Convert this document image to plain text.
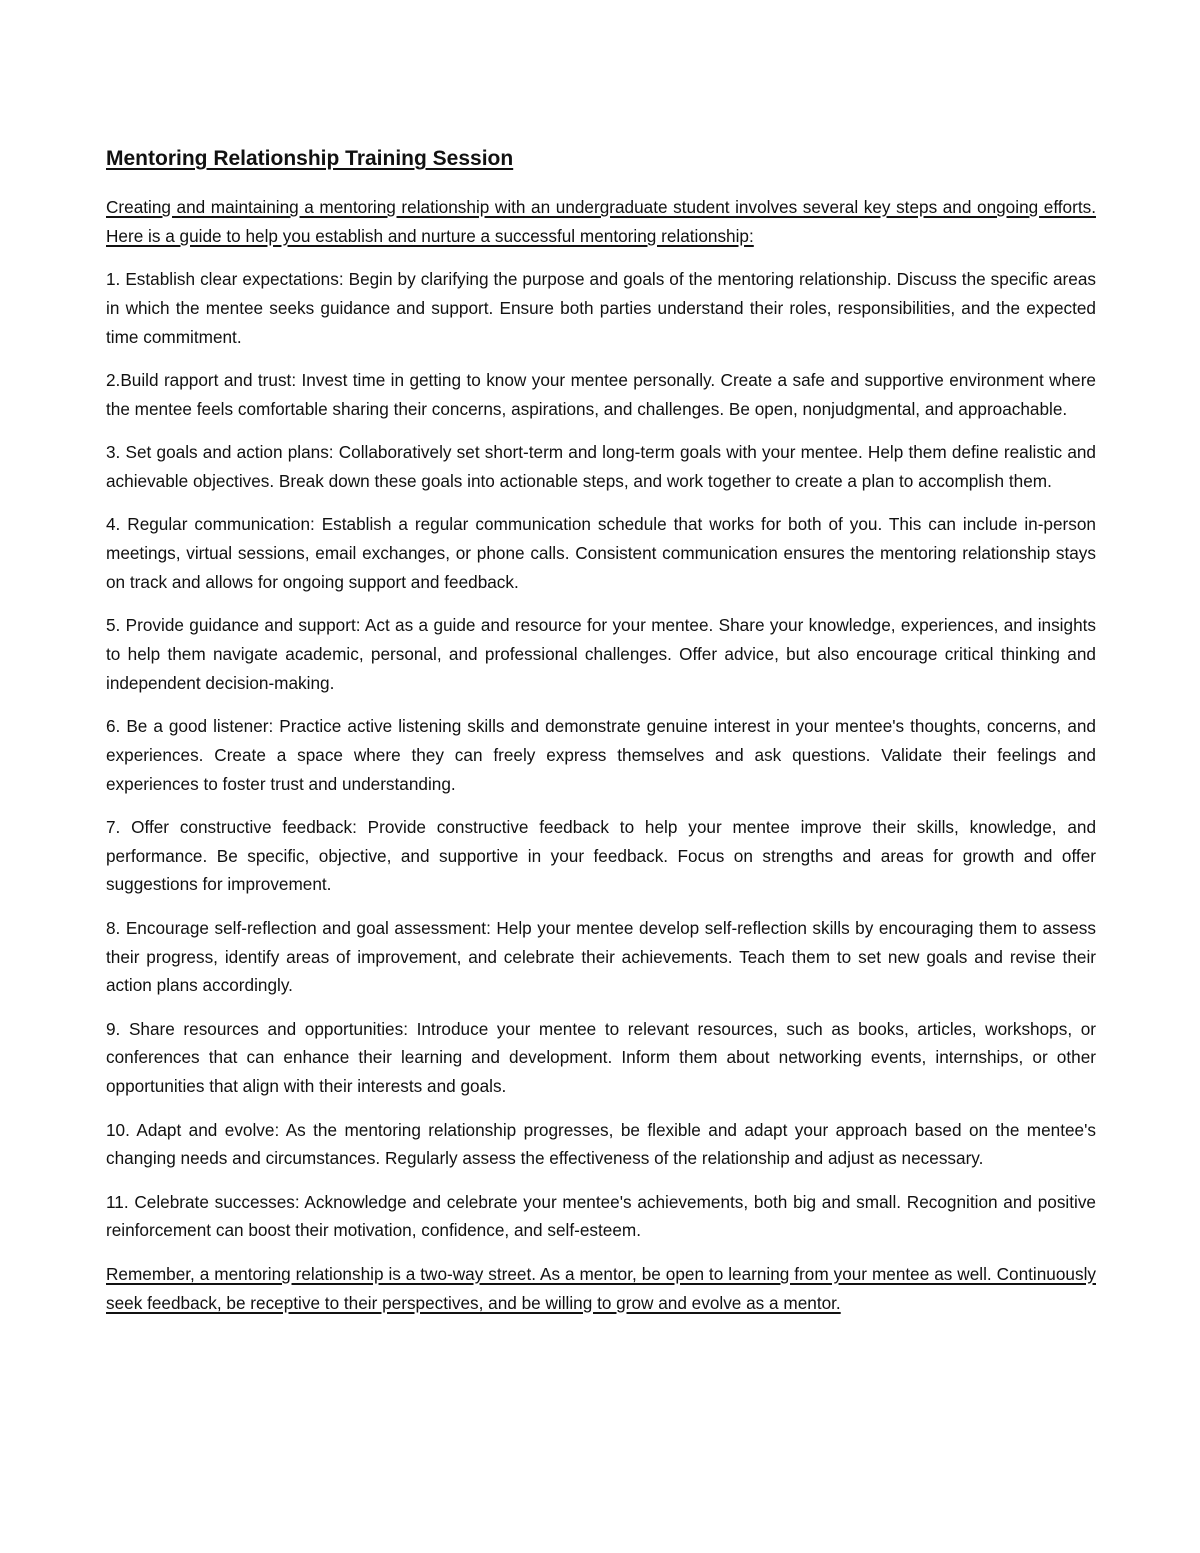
Mentoring Relationship Training Session

Creating and maintaining a mentoring relationship with an undergraduate student involves several key steps and ongoing efforts. Here is a guide to help you establish and nurture a successful mentoring relationship:

1. Establish clear expectations: Begin by clarifying the purpose and goals of the mentoring relationship. Discuss the specific areas in which the mentee seeks guidance and support. Ensure both parties understand their roles, responsibilities, and the expected time commitment.

2.Build rapport and trust: Invest time in getting to know your mentee personally. Create a safe and supportive environment where the mentee feels comfortable sharing their concerns, aspirations, and challenges. Be open, nonjudgmental, and approachable.

3. Set goals and action plans: Collaboratively set short-term and long-term goals with your mentee. Help them define realistic and achievable objectives. Break down these goals into actionable steps, and work together to create a plan to accomplish them.

4. Regular communication: Establish a regular communication schedule that works for both of you. This can include in-person meetings, virtual sessions, email exchanges, or phone calls. Consistent communication ensures the mentoring relationship stays on track and allows for ongoing support and feedback.

5. Provide guidance and support: Act as a guide and resource for your mentee. Share your knowledge, experiences, and insights to help them navigate academic, personal, and professional challenges. Offer advice, but also encourage critical thinking and independent decision-making.

6. Be a good listener: Practice active listening skills and demonstrate genuine interest in your mentee's thoughts, concerns, and experiences. Create a space where they can freely express themselves and ask questions. Validate their feelings and experiences to foster trust and understanding.

7. Offer constructive feedback: Provide constructive feedback to help your mentee improve their skills, knowledge, and performance. Be specific, objective, and supportive in your feedback. Focus on strengths and areas for growth and offer suggestions for improvement.

8. Encourage self-reflection and goal assessment: Help your mentee develop self-reflection skills by encouraging them to assess their progress, identify areas of improvement, and celebrate their achievements. Teach them to set new goals and revise their action plans accordingly.

9. Share resources and opportunities: Introduce your mentee to relevant resources, such as books, articles, workshops, or conferences that can enhance their learning and development. Inform them about networking events, internships, or other opportunities that align with their interests and goals.

10. Adapt and evolve: As the mentoring relationship progresses, be flexible and adapt your approach based on the mentee's changing needs and circumstances. Regularly assess the effectiveness of the relationship and adjust as necessary.

11. Celebrate successes: Acknowledge and celebrate your mentee's achievements, both big and small. Recognition and positive reinforcement can boost their motivation, confidence, and self-esteem.

Remember, a mentoring relationship is a two-way street. As a mentor, be open to learning from your mentee as well. Continuously seek feedback, be receptive to their perspectives, and be willing to grow and evolve as a mentor.
